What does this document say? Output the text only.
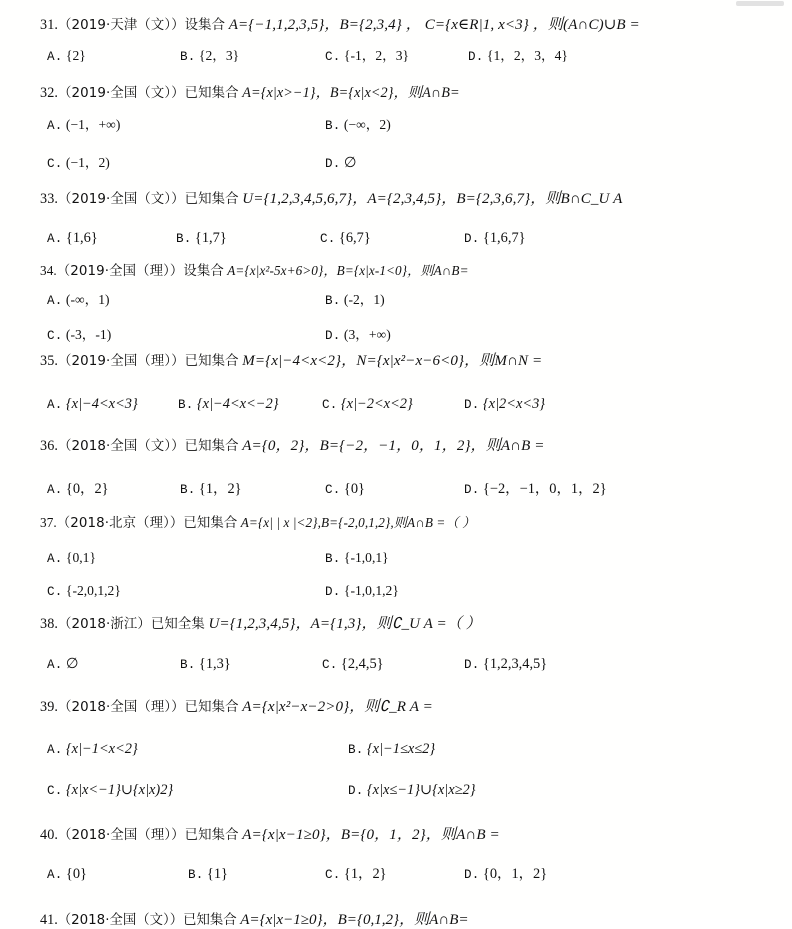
31.（2019·天津（文））设集合 A={−1,1,2,3,5}，B={2,3,4} ， C={x∈R|1, x<3} ，则(A∩C)∪B =
A. {2}	B. {2，3}	C. {-1，2，3}	D. {1，2，3，4}
32.（2019·全国（文））已知集合 A={x|x>−1}，B={x|x<2}，则A∩B=
A. (−1，+∞)	B. (−∞，2)
C. (−1，2)	D. ∅
33.（2019·全国（文））已知集合 U={1,2,3,4,5,6,7}，A={2,3,4,5}，B={2,3,6,7}，则B∩C_U A
A. {1,6}	B. {1,7}	C. {6,7}	D. {1,6,7}
34.（2019·全国（理））设集合 A={x|x²-5x+6>0}，B={x|x-1<0}，则A∩B=
A. (-∞，1)	B. (-2，1)
C. (-3，-1)	D. (3，+∞)
35.（2019·全国（理））已知集合 M={x|−4<x<2}，N={x|x²−x−6<0}，则M∩N =
A. {x|−4<x<3}	B. {x|−4<x<−2}	C. {x|−2<x<2}	D. {x|2<x<3}
36.（2018·全国（文））已知集合 A={0，2}，B={−2，−1，0，1，2}，则A∩B =
A. {0，2}	B. {1，2}	C. {0}	D. {−2，−1，0，1，2}
37.（2018·北京（理））已知集合 A={x| | x |<2},B={-2,0,1,2},则A∩B =（ ）
A. {0,1}	B. {-1,0,1}
C. {-2,0,1,2}	D. {-1,0,1,2}
38.（2018·浙江）已知全集 U={1,2,3,4,5}，A={1,3}，则∁_U A =（ ）
A. ∅	B. {1,3}	C. {2,4,5}	D. {1,2,3,4,5}
39.（2018·全国（理））已知集合 A={x|x²−x−2>0}，则∁_R A =
A. {x|−1<x<2}	B. {x|−1≤x≤2}
C. {x|x<−1}∪{x|x)2}	D. {x|x≤−1}∪{x|x≥2}
40.（2018·全国（理））已知集合 A={x|x−1≥0}，B={0，1，2}，则A∩B =
A. {0}	B. {1}	C. {1，2}	D. {0，1，2}
41.（2018·全国（文））已知集合 A={x|x−1≥0}，B={0,1,2}，则A∩B=
